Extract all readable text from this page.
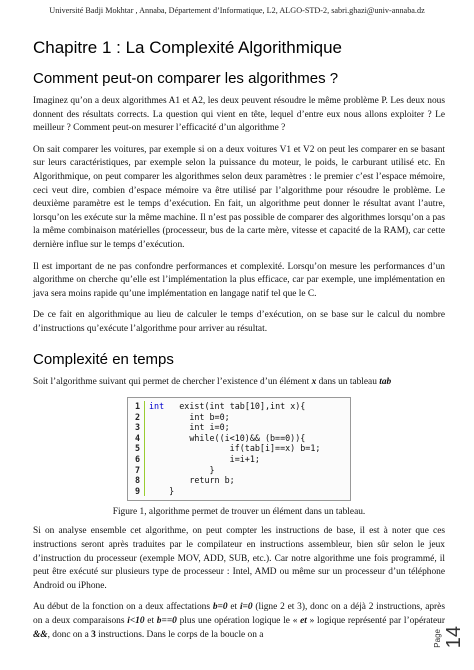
Université Badji Mokhtar , Annaba, Département d’Informatique, L2, ALGO-STD-2, sabri.ghazi@univ-annaba.dz
Chapitre 1 : La Complexité Algorithmique
Comment peut-on comparer les algorithmes ?

Imaginez qu’on a deux algorithmes A1 et A2, les deux peuvent résoudre le même problème P. Les deux nous donnent des résultats corrects. La question qui vient en tête, lequel d’entre eux nous allons exploiter ? Le meilleur ? Comment peut-on mesurer l’efficacité d’un algorithme ?

On sait comparer les voitures, par exemple si on a deux voitures V1 et V2 on peut les comparer en se basant sur leurs caractéristiques, par exemple selon la puissance du moteur, le poids, le carburant utilisé etc. En Algorithmique, on peut comparer les algorithmes selon deux paramètres : le premier c’est l’espace mémoire, ceci veut dire, combien d’espace mémoire va être utilisé par l’algorithme pour résoudre le problème. Le deuxième paramètre est le temps d’exécution. En fait, un algorithme peut donner le résultat avant l’autre, lorsqu’on les exécute sur la même machine. Il n’est pas possible de comparer des algorithmes lorsqu’on a pas la même combinaison matérielles (processeur, bus de la carte mère, vitesse et capacité de la RAM), car cette dernière influe sur le temps d’exécution.

Il est important de ne pas confondre performances et complexité. Lorsqu’on mesure les performances d’un algorithme on cherche qu’elle est l’implémentation la plus efficace, car par exemple, une implémentation en java sera moins rapide qu’une implémentation en langage natif tel que le C.

De ce fait en algorithmique au lieu de calculer le temps d’exécution, on se base sur le calcul du nombre d’instructions qu’exécute l’algorithme pour arriver au résultat.

Complexité en temps

Soit l’algorithme suivant qui permet de chercher l’existence d’un élément x dans un tableau tab

1	int exist(int tab[10],int x){
2	int b=0;
3	int i=0;
4	while((i<10)&& (b==0)){
5	if(tab[i]==x) b=1;
6	i=i+1;
7	}
8	return b;
9	}
Figure 1, algorithme permet de trouver un élément dans un tableau.

Si on analyse ensemble cet algorithme, on peut compter les instructions de base, il est à noter que ces instructions seront après traduites par le compilateur en instructions assembleur, bien sûr selon le jeux d’instruction du processeur (exemple MOV, ADD, SUB, etc.). Car notre algorithme une fois programmé, il peut être exécuté sur plusieurs type de processeur : Intel, AMD ou même sur un processeur d’un téléphone Android ou iPhone.

Au début de la fonction on a deux affectations b=0 et i=0 (ligne 2 et 3), donc on a déjà 2 instructions, après on a deux comparaisons i<10 et b==0 plus une opération logique le « et » logique représenté par l’opérateur &&, donc on a 3 instructions. Dans le corps de la boucle on a	Page 14
